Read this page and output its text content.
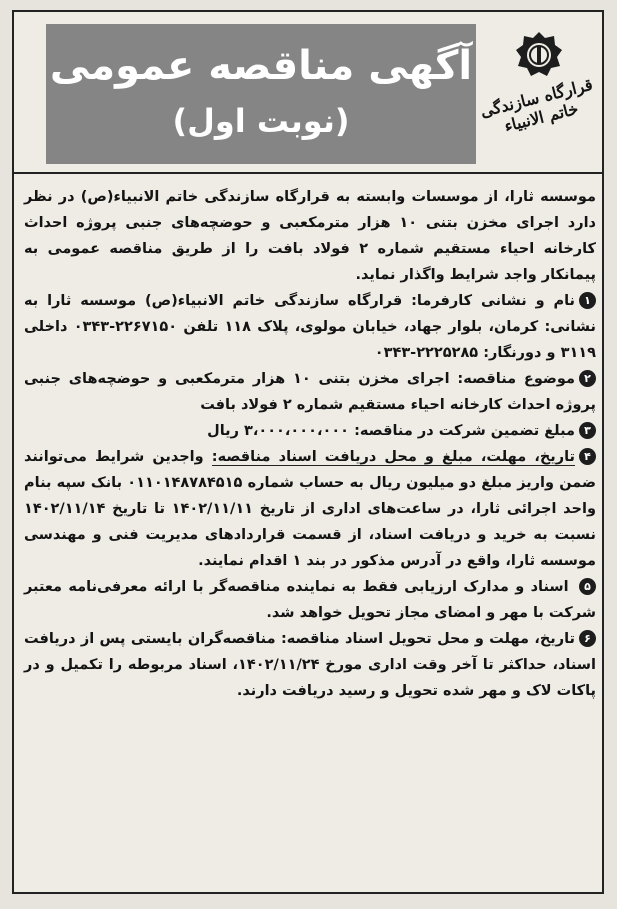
آگهی مناقصه عمومی
(نوبت اول)
قرارگاه سازندگی خاتم الانبیاء
موسسه ثارا، از موسسات وابسته به قرارگاه سازندگی خاتم الانبیاء(ص) در نظر دارد اجرای مخزن بتنی ۱۰ هزار مترمکعبی و حوضچه‌های جنبی پروژه احداث کارخانه احیاء مستقیم شماره ۲ فولاد بافت را از طریق مناقصه عمومی به پیمانکار واجد شرایط واگذار نماید.
۱نام و نشانی کارفرما: قرارگاه سازندگی خاتم الانبیاء(ص) موسسه ثارا به نشانی: کرمان، بلوار جهاد، خیابان مولوی، پلاک ۱۱۸ تلفن ۲۲۶۷۱۵۰-۰۳۴۳ داخلی ۳۱۱۹ و دورنگار: ۲۲۲۵۲۸۵-۰۳۴۳
۲موضوع مناقصه: اجرای مخزن بتنی ۱۰ هزار مترمکعبی و حوضچه‌های جنبی پروژه احداث کارخانه احیاء مستقیم شماره ۲ فولاد بافت
۳مبلغ تضمین شرکت در مناقصه: ۳،۰۰۰،۰۰۰،۰۰۰ ریال
۴تاریخ، مهلت، مبلغ و محل دریافت اسناد مناقصه: واجدین شرایط می‌توانند ضمن واریز مبلغ دو میلیون ریال به حساب شماره ۰۱۱۰۱۴۸۷۸۴۵۱۵ بانک سپه بنام واحد اجرائی ثارا، در ساعت‌های اداری از تاریخ ۱۴۰۲/۱۱/۱۱ تا تاریخ ۱۴۰۲/۱۱/۱۴ نسبت به خرید و دریافت اسناد، از قسمت قراردادهای مدیریت فنی و مهندسی موسسه ثارا، واقع در آدرس مذکور در بند ۱ اقدام نمایند.
۵ اسناد و مدارک ارزیابی فقط به نماینده مناقصه‌گر با ارائه معرفی‌نامه معتبر شرکت با مهر و امضای مجاز تحویل خواهد شد.
۶تاریخ، مهلت و محل تحویل اسناد مناقصه: مناقصه‌گران بایستی پس از دریافت اسناد، حداکثر تا آخر وقت اداری مورخ ۱۴۰۲/۱۱/۲۴، اسناد مربوطه را تکمیل و در پاکات لاک و مهر شده تحویل و رسید دریافت دارند.
